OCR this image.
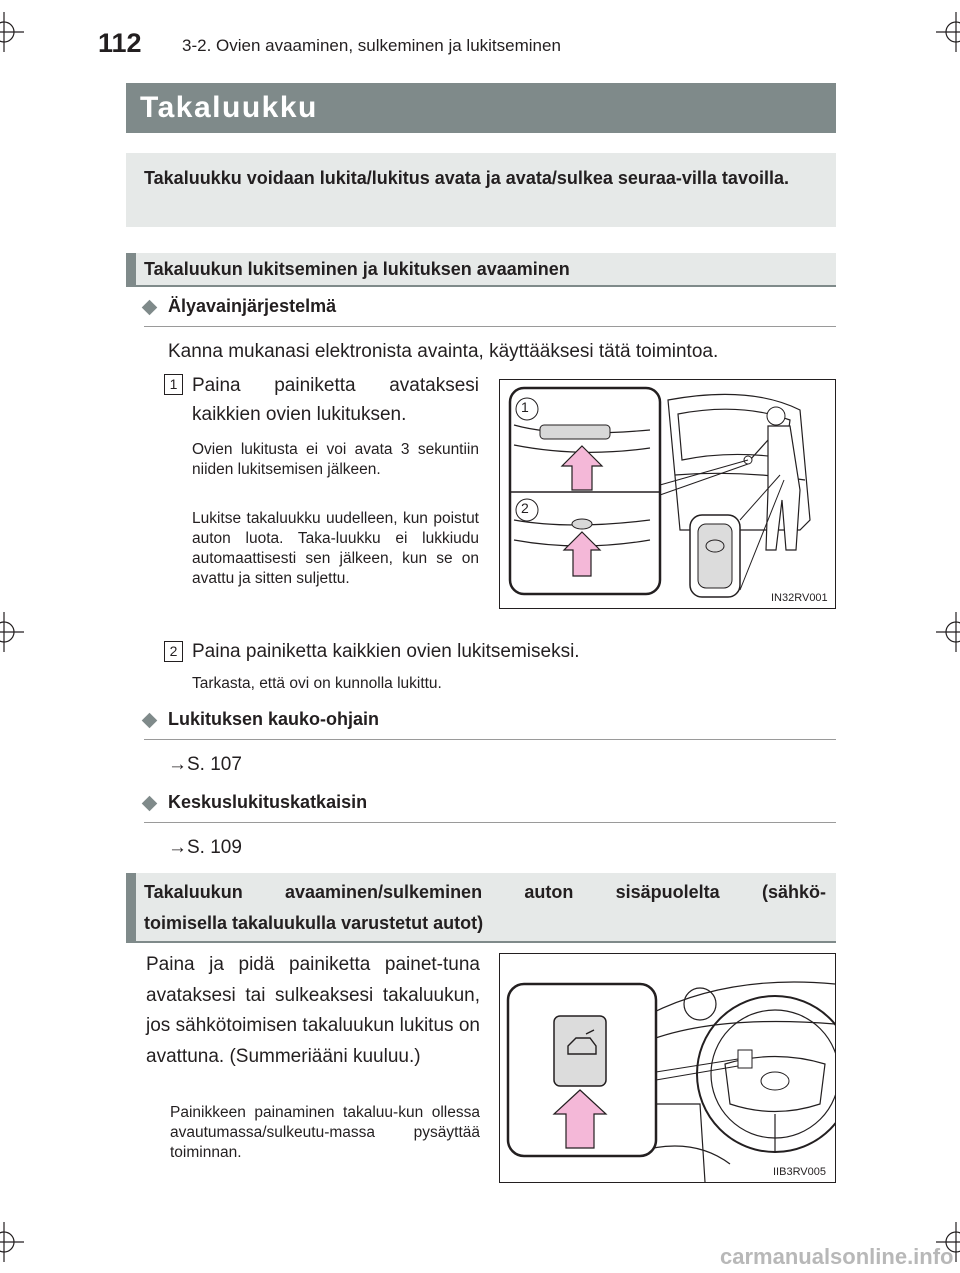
112 3-2. Ovien avaaminen, sulkeminen ja lukitseminen
Takaluukku

Takaluukku voidaan lukita/lukitus avata ja avata/sulkea seuraa-villa tavoilla.

Takaluukun lukitseminen ja lukituksen avaaminen
Älyavainjärjestelmä
Kanna mukanasi elektronista avainta, käyttääksesi tätä toimintoa.
1 Paina painiketta avataksesi
kaikkien ovien lukituksen.
Ovien lukitusta ei voi avata 3 sekuntiin niiden lukitsemisen jälkeen.
Lukitse takaluukku uudelleen, kun poistut auton luota. Taka-luukku ei lukkiudu automaattisesti sen jälkeen, kun se on avattu ja sitten suljettu.
1
2
IN32RV001
2 Paina painiketta kaikkien ovien lukitsemiseksi.
Tarkasta, että ovi on kunnolla lukittu.
Lukituksen kauko-ohjain
→S. 107
Keskuslukituskatkaisin
→S. 109
Takaluukun avaaminen/sulkeminen auton sisäpuolelta (sähkö-
toimisella takaluukulla varustetut autot)
Paina ja pidä painiketta painet-tuna avataksesi tai sulkeaksesi takaluukun, jos sähkötoimisen takaluukun lukitus on avattuna. (Summeriääni kuuluu.)
Painikkeen painaminen takaluu-kun ollessa avautumassa/sulkeutu-massa pysäyttää toiminnan.
IIB3RV005
carmanualsonline.info
